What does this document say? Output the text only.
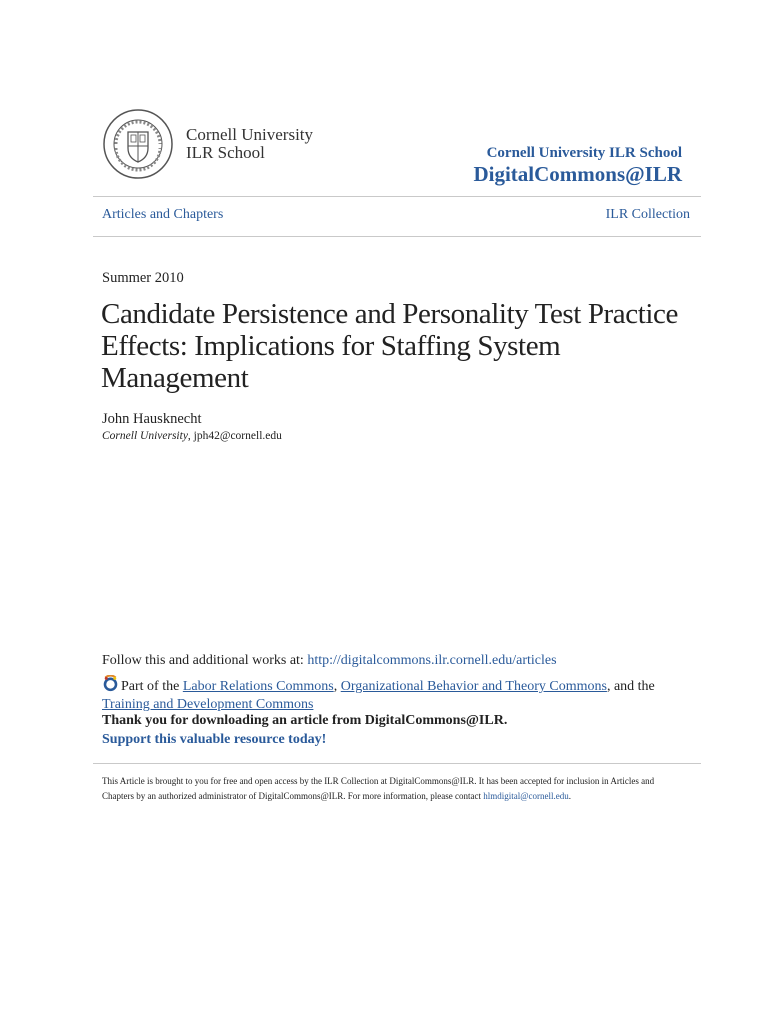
Cornell University
ILR School	Cornell University ILR School
DigitalCommons@ILR
Articles and Chapters	ILR Collection
Summer 2010
Candidate Persistence and Personality Test Practice Effects: Implications for Staffing System Management
John Hausknecht
Cornell University, jph42@cornell.edu
Follow this and additional works at: http://digitalcommons.ilr.cornell.edu/articles
Part of the Labor Relations Commons, Organizational Behavior and Theory Commons, and the
Training and Development Commons
Thank you for downloading an article from DigitalCommons@ILR.
Support this valuable resource today!
This Article is brought to you for free and open access by the ILR Collection at DigitalCommons@ILR. It has been accepted for inclusion in Articles and Chapters by an authorized administrator of DigitalCommons@ILR. For more information, please contact hlmdigital@cornell.edu.
